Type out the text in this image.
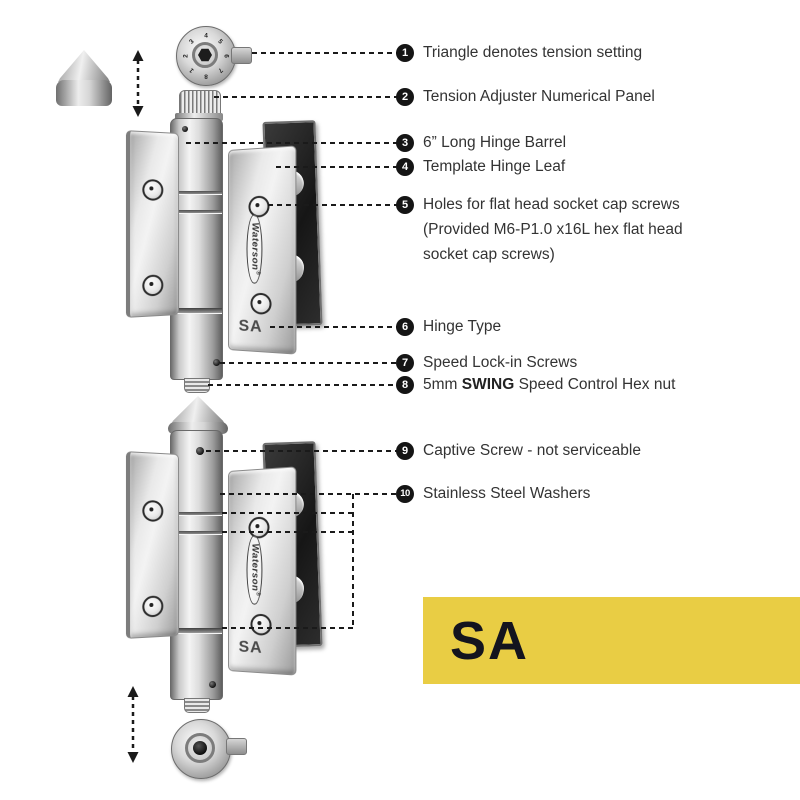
1
2
3
4
5
6
7
8
Waterson®
SA
Waterson®
SA
1 Triangle denotes tension setting
2 Tension Adjuster Numerical Panel
3 6” Long Hinge Barrel
4 Template Hinge Leaf
5 Holes for flat head socket cap screws (Provided M6-P1.0 x16L hex flat head socket cap screws)
6 Hinge Type
7 Speed Lock-in Screws
8 5mm SWING Speed Control Hex nut
9 Captive Screw - not serviceable
10 Stainless Steel Washers
SA
